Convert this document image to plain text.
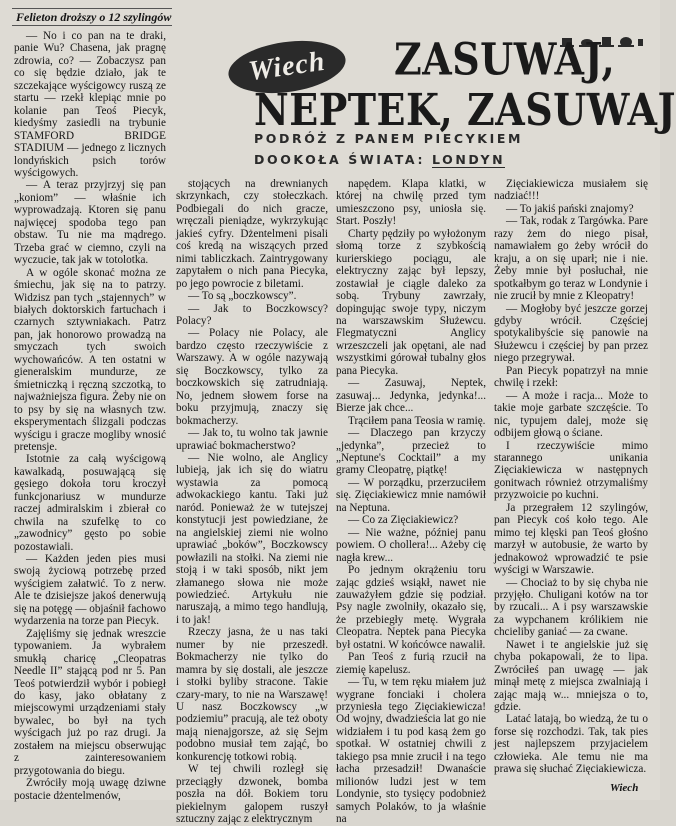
Felieton droższy o 12 szylingów
Wiech	ZASUWAJ,
NEPTEK, ZASUWAJ
PODRÓŻ Z PANEM PIECYKIEM
DOOKOŁA ŚWIATA: LONDYN

— No i co pan na te draki, panie Wu? Chasena, jak pragnę zdrowia, co? — Zobaczysz pan co się będzie działo, jak te szczekające wyścigowcy ruszą ze startu — rzekł klepiąc mnie po kolanie pan Teoś Piecyk, kiedyśmy zasiedli na trybunie STAMFORD BRIDGE STADIUM — jednego z licznych londyńskich psich torów wyścigowych.

— A teraz przyjrzyj się pan „koniom” — właśnie ich wyprowadzają. Ktoren się panu najwięcej spodoba tego pan obstaw. Tu nie ma mądrego. Trzeba grać w ciemno, czyli na wyczucie, tak jak w totolotka.

A w ogóle skonać można ze śmiechu, jak się na to patrzy. Widzisz pan tych „stajennych” w białych doktorskich fartuchach i czarnych sztywniakach. Patrz pan, jak honorowo prowadzą na smyczach tych swoich wychowańców. A ten ostatni w gieneralskim mundurze, ze śmietniczką i ręczną szczotką, to najważniejsza figura. Żeby nie on to psy by się na własnych tzw. eksperymentach ślizgali podczas wyścigu i gracze mogliby wnosić pretensje.

Istotnie za całą wyścigową kawalkadą, posuwającą się gęsiego dokoła toru kroczył funkcjonariusz w mundurze raczej admiralskim i zbierał co chwila na szufelkę to co „zawodnicy” gęsto po sobie pozostawiali.

— Każden jeden pies musi swoją życiową potrzebę przed wyścigiem załatwić. To z nerw. Ale te dzisiejsze jakoś denerwują się na potęgę — objaśnił fachowo wydarzenia na torze pan Piecyk.

Zajęliśmy się jednak wreszcie typowaniem. Ja wybrałem smukłą charicę „Cleopatras Needle II” stającą pod nr 5. Pan Teoś potwierdził wybór i pobiegł do kasy, jako obłatany z miejscowymi urządzeniami stały bywalec, bo był na tych wyścigach już po raz drugi. Ja zostałem na miejscu obserwując z zainteresowaniem przygotowania do biegu.

Zwróciły moją uwagę dziwne postacie dżentelmenów,

stojących na drewnianych skrzynkach, czy stołeczkach. Podbiegali do nich gracze, wręczali pieniądze, wykrzykując jakieś cyfry. Dżentelmeni pisali coś kredą na wiszących przed nimi tabliczkach. Zaintrygowany zapytałem o nich pana Piecyka, po jego powrocie z biletami.

— To są „boczkowscy”.

— Jak to Boczkowscy? Polacy?

— Polacy nie Polacy, ale bardzo często rzeczywiście z Warszawy. A w ogóle nazywają się Boczkowscy, tylko za boczkowskich się zatrudniają. No, jednem słowem forse na boku przyjmują, znaczy się bokmacherzy.

— Jak to, tu wolno tak jawnie uprawiać bokmacherstwo?

— Nie wolno, ale Anglicy lubieją, jak ich się do wiatru wystawia za pomocą adwokackiego kantu. Taki już naród. Ponieważ że w tutejszej konstytucji jest powiedziane, że na angielskiej ziemi nie wolno uprawiać „boków”, Boczkowscy powłazili na stołki. Na ziemi nie stoją i w taki sposób, nikt jem złamanego słowa nie może powiedzieć. Artykułu nie naruszają, a mimo tego handlują, i to jak!

Rzeczy jasna, że u nas taki numer by nie przeszedł. Bokmacherzy nie tylko do mamra by się dostali, ale jeszcze i stołki byliby stracone. Takie czary-mary, to nie na Warszawę! U nasz Boczkowscy „w podziemiu” pracują, ale też oboty mają nienajgorsze, aż się Sejm podobno musiał tem zająć, bo konkurencję totkowi robią.

W tej chwili rozległ się przeciągły dzwonek, bomba poszła na dół. Bokiem toru piekielnym galopem ruszył sztuczny zając z elektrycznym

napędem. Klapa klatki, w której na chwilę przed tym umieszczono psy, uniosła się. Start. Poszły!

Charty pędziły po wyłożonym słomą torze z szybkością kurierskiego pociągu, ale elektryczny zając był lepszy, zostawiał je ciągle daleko za sobą. Trybuny zawrzały, dopingując swoje typy, niczym na warszawskim Służewcu. Flegmatyczni Anglicy wrzeszczeli jak opętani, ale nad wszystkimi górował tubalny głos pana Piecyka.

— Zasuwaj, Neptek, zasuwaj... Jedynka, jedynka!... Bierze jak chce...

Trąciłem pana Teosia w ramię.

— Dlaczego pan krzyczy „jedynka”, przecież to „Neptune's Cocktail” a my gramy Cleopatrę, piątkę!

— W porządku, przerzuciłem się. Zięciakiewicz mnie namówił na Neptuna.

— Co za Zięciakiewicz?

— Nie ważne, później panu powiem. O chollera!... Ażeby cię nagła krew...

Po jednym okrążeniu toru zając gdzieś wsiąkł, nawet nie zauważyłem gdzie się podział. Psy nagle zwolniły, okazało się, że przebiegły metę. Wygrała Cleopatra. Neptek pana Piecyka był ostatni. W końcówce nawalił.

Pan Teoś z furią rzucił na ziemię kapelusz.

— Tu, w tem ręku miałem już wygrane fonciaki i cholera przyniesła tego Zięciakiewicza! Od wojny, dwadzieścia lat go nie widziałem i tu pod kasą żem go spotkał. W ostatniej chwili z takiego psa mnie zrucił i na tego łacha przesadził! Dwanaście milionów ludzi jest w tem Londynie, sto tysięcy podobnież samych Polaków, to ja właśnie na

Zięciakiewicza musiałem się nadziać!!!

— To jakiś pański znajomy?

— Tak, rodak z Targówka. Pare razy żem do niego pisał, namawiałem go żeby wrócił do kraju, a on się uparł; nie i nie. Żeby mnie był posłuchał, nie spotkałbym go teraz w Londynie i nie zrucił by mnie z Kleopatry!

— Mogłoby być jeszcze gorzej gdyby wrócił. Częściej spotykalibyście się panowie na Służewcu i częściej by pan przez niego przegrywał.

Pan Piecyk popatrzył na mnie chwilę i rzekł:

— A może i racja... Może to takie moje garbate szczęście. To nic, typujem dalej, może się odbijem głową o ściane.

I rzeczywiście mimo starannego unikania Zięciakiewicza w następnych gonitwach również otrzymaliśmy przyzwoicie po kuchni.

Ja przegrałem 12 szylingów, pan Piecyk coś koło tego. Ale mimo tej klęski pan Teoś głośno marzył w autobusie, że warto by jednakowoż wprowadzić te psie wyścigi w Warszawie.

— Chociaż to by się chyba nie przyjęło. Chuligani kotów na tor by rzucali... A i psy warszawskie za wypchanem królikiem nie chcieliby ganiać — za cwane.

Nawet i te angielskie już się chyba pokapowali, że to lipa. Zwróciłeś pan uwagę — jak minął metę z miejsca zwalniają i zając mają w... mniejsza o to, gdzie.

Latać latają, bo wiedzą, że tu o forse się rozchodzi. Tak, tak pies jest najlepszem przyjacielem człowieka. Ale temu nie ma prawa się słuchać Zięciakiewicza.

Wiech
